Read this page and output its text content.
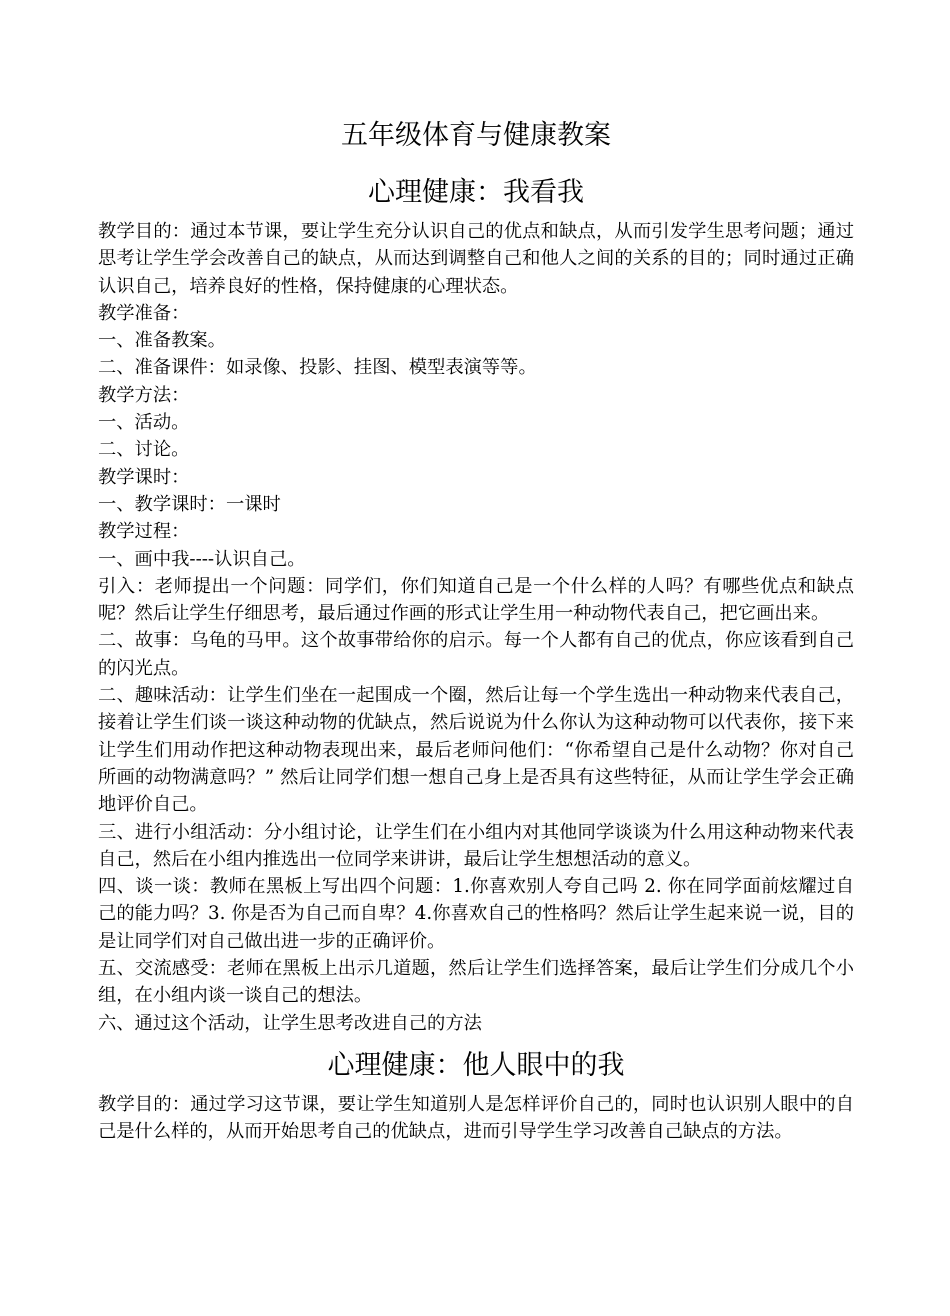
五年级体育与健康教案
心理健康：我看我

教学目的：通过本节课，要让学生充分认识自己的优点和缺点，从而引发学生思考问题；通过思考让学生学会改善自己的缺点，从而达到调整自己和他人之间的关系的目的；同时通过正确认识自己，培养良好的性格，保持健康的心理状态。

教学准备：

一、准备教案。

二、准备课件：如录像、投影、挂图、模型表演等等。

教学方法：

一、活动。

二、讨论。

教学课时：

一、教学课时：一课时

教学过程：

一、画中我----认识自己。

引入：老师提出一个问题：同学们，你们知道自己是一个什么样的人吗？有哪些优点和缺点呢？然后让学生仔细思考，最后通过作画的形式让学生用一种动物代表自己，把它画出来。

二、故事：乌龟的马甲。这个故事带给你的启示。每一个人都有自己的优点，你应该看到自己的闪光点。

二、趣味活动：让学生们坐在一起围成一个圈，然后让每一个学生选出一种动物来代表自己，接着让学生们谈一谈这种动物的优缺点，然后说说为什么你认为这种动物可以代表你，接下来让学生们用动作把这种动物表现出来，最后老师问他们：“你希望自己是什么动物？你对自己所画的动物满意吗？” 然后让同学们想一想自己身上是否具有这些特征，从而让学生学会正确地评价自己。

三、进行小组活动：分小组讨论，让学生们在小组内对其他同学谈谈为什么用这种动物来代表自己，然后在小组内推选出一位同学来讲讲，最后让学生想想活动的意义。

四、谈一谈：教师在黑板上写出四个问题：1.你喜欢别人夸自己吗 2. 你在同学面前炫耀过自己的能力吗？3. 你是否为自己而自卑？4.你喜欢自己的性格吗？然后让学生起来说一说，目的是让同学们对自己做出进一步的正确评价。

五、交流感受：老师在黑板上出示几道题，然后让学生们选择答案，最后让学生们分成几个小组，在小组内谈一谈自己的想法。

六、通过这个活动，让学生思考改进自己的方法

心理健康：他人眼中的我

教学目的：通过学习这节课，要让学生知道别人是怎样评价自己的，同时也认识别人眼中的自己是什么样的，从而开始思考自己的优缺点，进而引导学生学习改善自己缺点的方法。
